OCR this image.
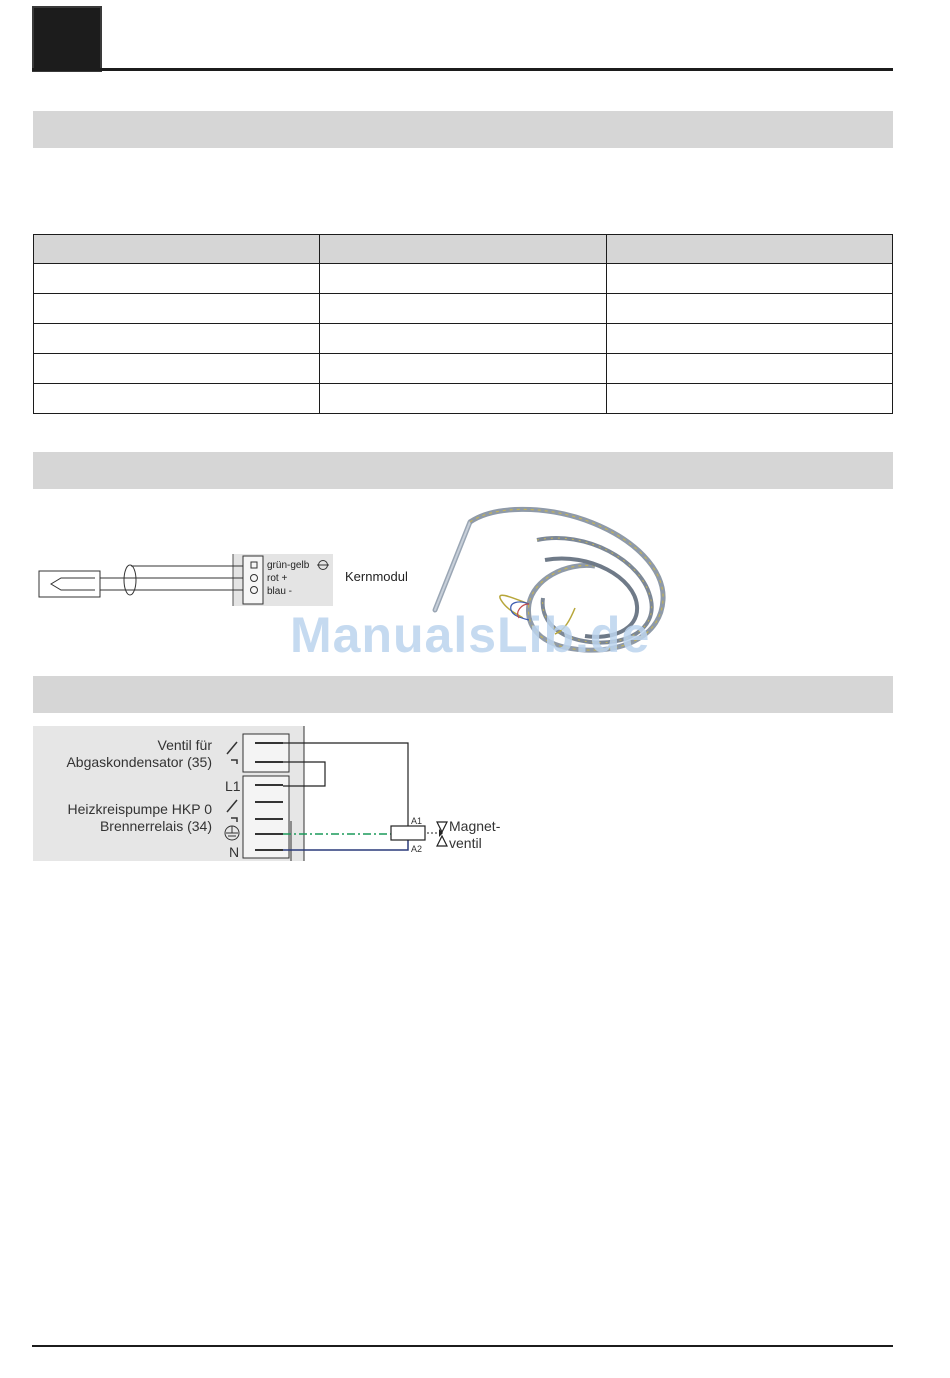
grün-gelb
rot +
blau -
Kernmodul
ManualsLib.de
Ventil für
Abgaskondensator (35)
L1
Heizkreispumpe HKP 0
Brennerrelais (34)
N
A1
A2
Magnet-
ventil
